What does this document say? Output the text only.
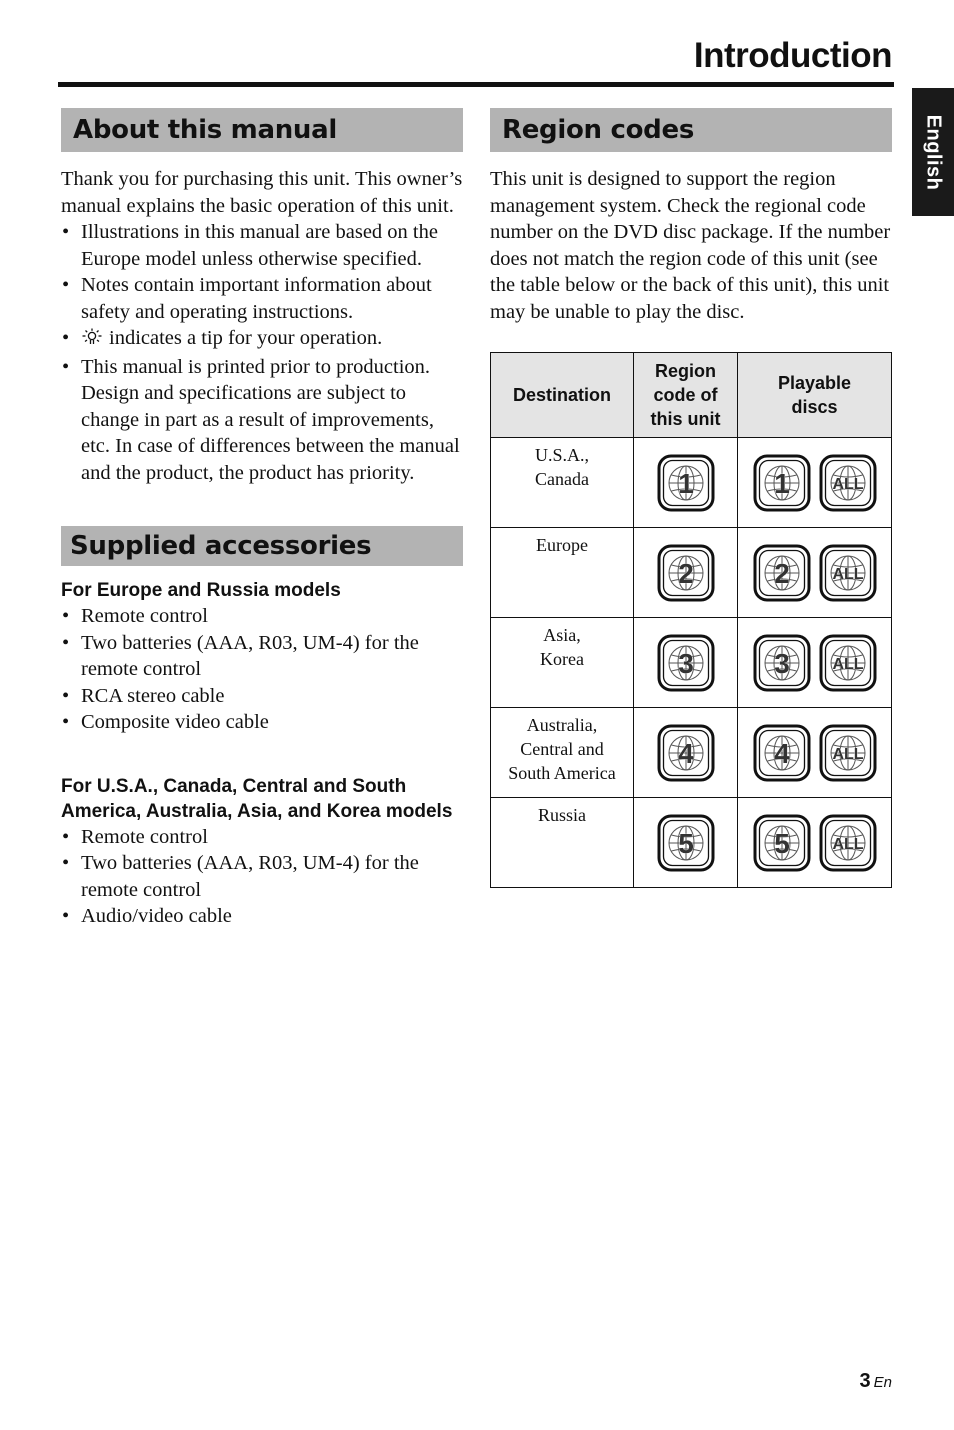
Introduction
English
About this manual

Thank you for purchasing this unit. This owner’s manual explains the basic operation of this unit.

• Illustrations in this manual are based on the Europe model unless otherwise specified.
• Notes contain important information about safety and operating instructions.
• indicates a tip for your operation.
• This manual is printed prior to production. Design and specifications are subject to change in part as a result of improvements, etc. In case of differences between the manual and the product, the product has priority.
Supplied accessories
For Europe and Russia models
• Remote control
• Two batteries (AAA, R03, UM-4) for the remote control
• RCA stereo cable
• Composite video cable
For U.S.A., Canada, Central and South America, Australia, Asia, and Korea models
• Remote control
• Two batteries (AAA, R03, UM-4) for the remote control
• Audio/video cable
Region codes

This unit is designed to support the region management system. Check the regional code number on the DVD disc package. If the number does not match the region code of this unit (see the table below or the back of this unit), this unit may be unable to play the disc.

Destination	Region code of this unit	Playable discs

U.S.A.,
Canada	1	1 ALL

Europe	2	2 ALL

Asia,
Korea	3	3 ALL

Australia,
Central and
South America	4	4 ALL

Russia	5	5 ALL
3 En
